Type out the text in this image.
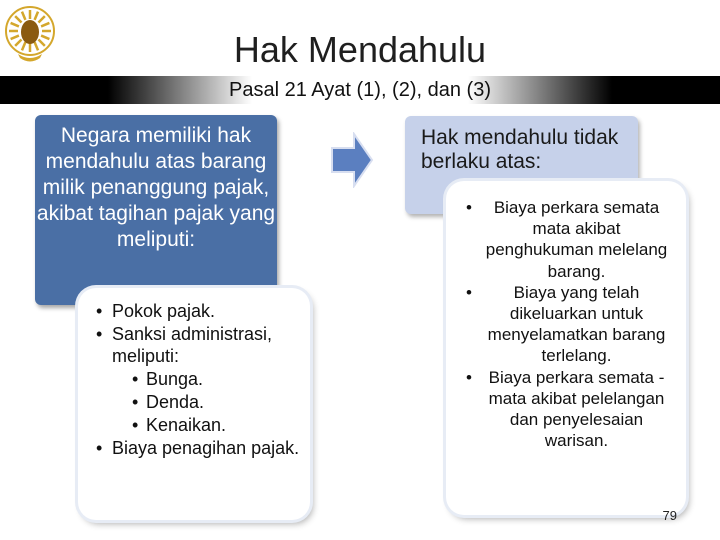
Hak Mendahulu
Pasal 21 Ayat (1), (2), dan (3)
Negara memiliki hak mendahulu atas barang milik penanggung pajak, akibat tagihan pajak yang meliputi:
• Pokok pajak.
• Sanksi administrasi, meliputi:
• Bunga.
• Denda.
• Kenaikan.
• Biaya penagihan pajak.
Hak mendahulu tidak berlaku atas:
• Biaya perkara semata mata akibat penghukuman melelang barang.
• Biaya yang telah dikeluarkan untuk menyelamatkan barang terlelang.
• Biaya perkara semata - mata akibat pelelangan dan penyelesaian warisan.
79
